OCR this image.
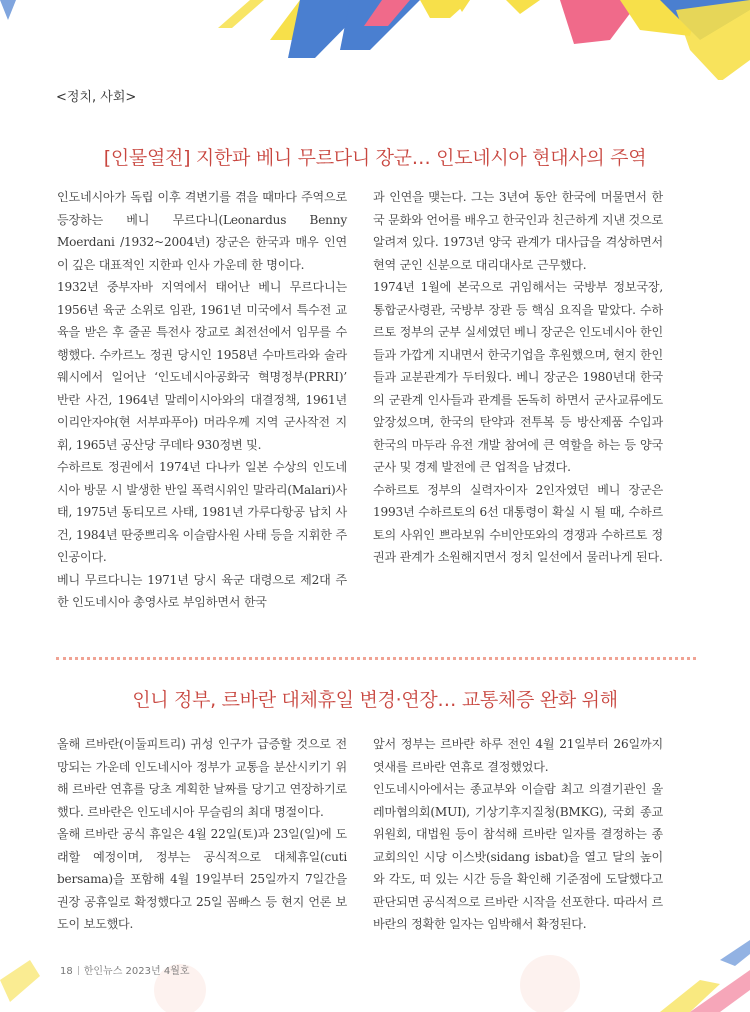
<정치, 사회>
[인물열전] 지한파 베니 무르다니 장군… 인도네시아 현대사의 주역

인도네시아가 독립 이후 격변기를 겪을 때마다 주역으로 등장하는 베니 무르다니(Leonardus Benny Moerdani /1932~2004년) 장군은 한국과 매우 인연이 깊은 대표적인 지한파 인사 가운데 한 명이다.

1932년 중부자바 지역에서 태어난 베니 무르다니는 1956년 육군 소위로 임관, 1961년 미국에서 특수전 교육을 받은 후 줄곧 특전사 장교로 최전선에서 임무를 수행했다. 수카르노 정권 당시인 1958년 수마트라와 술라웨시에서 일어난 ‘인도네시아공화국 혁명정부(PRRI)’ 반란 사건, 1964년 말레이시아와의 대결정책, 1961년 이리안자야(현 서부파푸아) 머라우께 지역 군사작전 지휘, 1965년 공산당 쿠데타 930정변 및.

수하르토 정권에서 1974년 다나카 일본 수상의 인도네시아 방문 시 발생한 반일 폭력시위인 말라리(Malari)사태, 1975년 동티모르 사태, 1981년 가루다항공 납치 사건, 1984년 딴중쁘리옥 이슬람사원 사태 등을 지휘한 주인공이다.

베니 무르다니는 1971년 당시 육군 대령으로 제2대 주한 인도네시아 총영사로 부임하면서 한국

과 인연을 맺는다. 그는 3년여 동안 한국에 머물면서 한국 문화와 언어를 배우고 한국인과 친근하게 지낸 것으로 알려져 있다. 1973년 양국 관계가 대사급을 격상하면서 현역 군인 신분으로 대리대사로 근무했다.

1974년 1월에 본국으로 귀임해서는 국방부 정보국장, 통합군사령관, 국방부 장관 등 핵심 요직을 맡았다. 수하르토 정부의 군부 실세였던 베니 장군은 인도네시아 한인들과 가깝게 지내면서 한국기업을 후원했으며, 현지 한인들과 교분관계가 두터웠다. 베니 장군은 1980년대 한국의 군관계 인사들과 관계를 돈독히 하면서 군사교류에도 앞장섰으며, 한국의 탄약과 전투복 등 방산제품 수입과 한국의 마두라 유전 개발 참여에 큰 역할을 하는 등 양국 군사 및 경제 발전에 큰 업적을 남겼다.

수하르토 정부의 실력자이자 2인자였던 베니 장군은 1993년 수하르토의 6선 대통령이 확실 시 될 때, 수하르토의 사위인 쁘라보워 수비안또와의 경쟁과 수하르토 정권과 관계가 소원해지면서 정치 일선에서 물러나게 된다.

인니 정부, 르바란 대체휴일 변경·연장… 교통체증 완화 위해

올해 르바란(이둘피트리) 귀성 인구가 급증할 것으로 전망되는 가운데 인도네시아 정부가 교통을 분산시키기 위해 르바란 연휴를 당초 계획한 날짜를 당기고 연장하기로 했다. 르바란은 인도네시아 무슬림의 최대 명절이다.

올해 르바란 공식 휴일은 4월 22일(토)과 23일(일)에 도래할 예정이며, 정부는 공식적으로 대체휴일(cuti bersama)을 포함해 4월 19일부터 25일까지 7일간을 권장 공휴일로 확정했다고 25일 꼼빠스 등 현지 언론 보도이 보도했다.

앞서 정부는 르바란 하루 전인 4월 21일부터 26일까지 엿새를 르바란 연휴로 결정했었다.

인도네시아에서는 종교부와 이슬람 최고 의결기관인 울레마협의회(MUI), 기상기후지질청(BMKG), 국회 종교위원회, 대법원 등이 참석해 르바란 일자를 결정하는 종교회의인 시당 이스밧(sidang isbat)을 열고 달의 높이와 각도, 떠 있는 시간 등을 확인해 기준점에 도달했다고 판단되면 공식적으로 르바란 시작을 선포한다. 따라서 르바란의 정확한 일자는 임박해서 확정된다.

18 한인뉴스 2023년 4월호
